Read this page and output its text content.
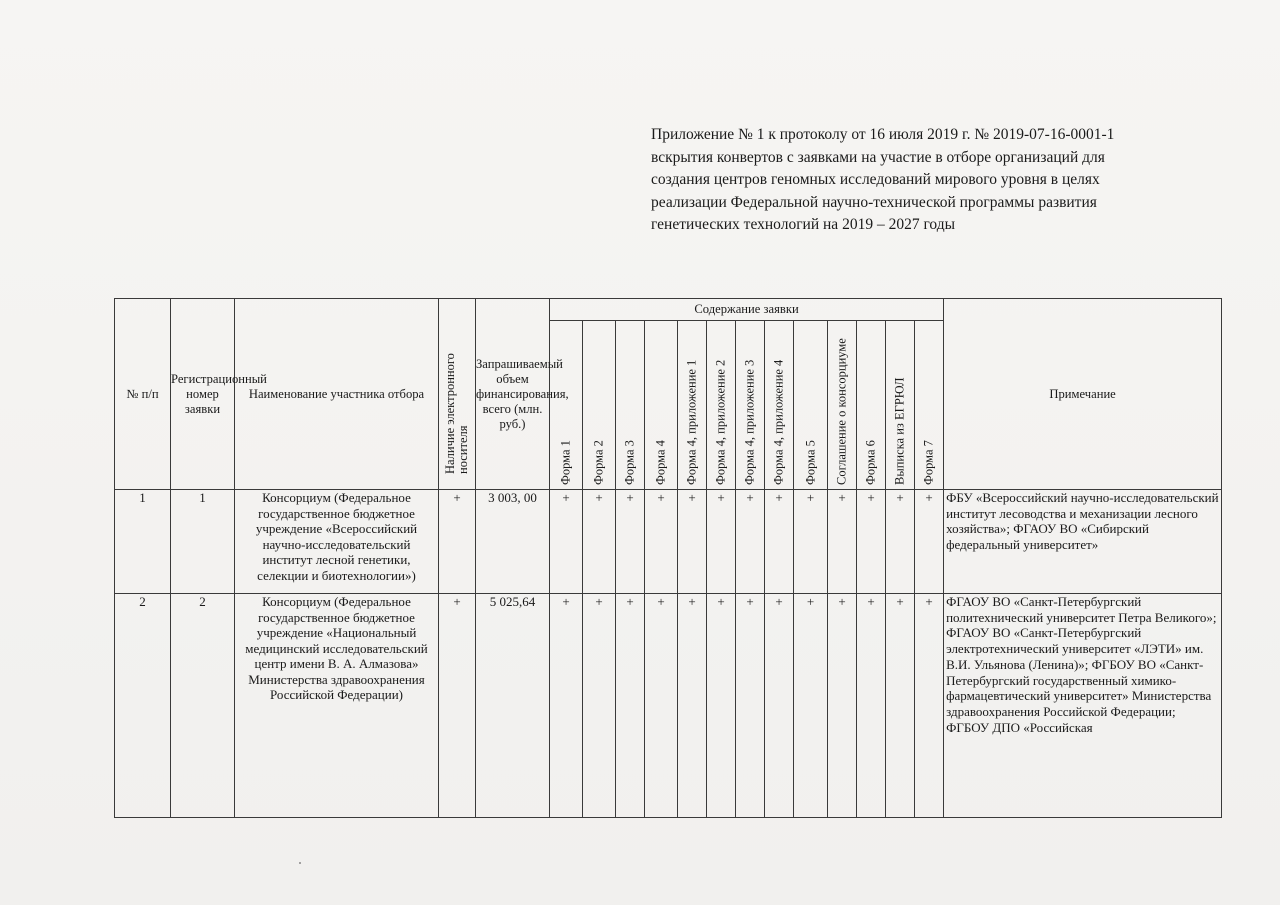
Приложение № 1 к протоколу от 16 июля 2019 г. № 2019-07-16-0001-1
вскрытия конвертов с заявками на участие в отборе организаций для
создания центров геномных исследований мирового уровня в целях
реализации Федеральной научно-технической программы развития
генетических технологий на 2019 – 2027 годы
№ п/п	Регистрационный номер заявки	Наименование участника отбора	Наличие электронного носителя	Запрашиваемый объем финансирования, всего (млн. руб.)	Содержание заявки													Примечание

					Форма 1	Форма 2	Форма 3	Форма 4	Форма 4, приложение 1	Форма 4, приложение 2	Форма 4, приложение 3	Форма 4, приложение 4	Форма 5	Соглашение о консорциуме	Форма 6	Выписка из ЕГРЮЛ	Форма 7	

1	1	Консорциум (Федеральное государственное бюджетное учреждение «Всероссийский научно-исследовательский институт лесной генетики, селекции и биотехнологии»)	+	3 003, 00	+	+	+	+	+	+	+	+	+	+	+	+	+	ФБУ «Всероссийский научно-исследовательский институт лесоводства и механизации лесного хозяйства»; ФГАОУ ВО «Сибирский федеральный университет»
2	2	Консорциум (Федеральное государственное бюджетное учреждение «Национальный медицинский исследовательский центр имени В. А. Алмазова» Министерства здравоохранения Российской Федерации)	+	5 025,64	+	+	+	+	+	+	+	+	+	+	+	+	+	ФГАОУ ВО «Санкт-Петербургский политехнический университет Петра Великого»; ФГАОУ ВО «Санкт-Петербургский электротехнический университет «ЛЭТИ» им. В.И. Ульянова (Ленина)»; ФГБОУ ВО «Санкт-Петербургский государственный химико-фармацевтический университет» Министерства здравоохранения Российской Федерации; ФГБОУ ДПО «Российская
